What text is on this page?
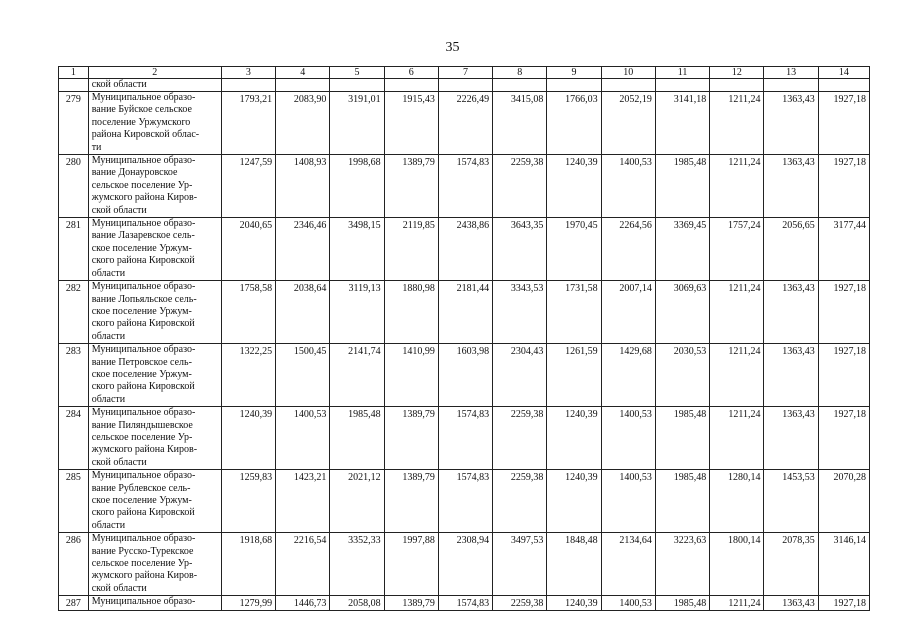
35
1	2	3	4	5	6	7	8	9	10	11	12	13	14
	ской области												
279	Муниципальное образо-
вание Буйское сельское
поселение Уржумского
района Кировской облас-
ти	1793,21	2083,90	3191,01	1915,43	2226,49	3415,08	1766,03	2052,19	3141,18	1211,24	1363,43	1927,18
280	Муниципальное образо-
вание Донауровское
сельское поселение Ур-
жумского района Киров-
ской области	1247,59	1408,93	1998,68	1389,79	1574,83	2259,38	1240,39	1400,53	1985,48	1211,24	1363,43	1927,18
281	Муниципальное образо-
вание Лазаревское сель-
ское поселение Уржум-
ского района Кировской
области	2040,65	2346,46	3498,15	2119,85	2438,86	3643,35	1970,45	2264,56	3369,45	1757,24	2056,65	3177,44
282	Муниципальное образо-
вание Лопьяльское сель-
ское поселение Уржум-
ского района Кировской
области	1758,58	2038,64	3119,13	1880,98	2181,44	3343,53	1731,58	2007,14	3069,63	1211,24	1363,43	1927,18
283	Муниципальное образо-
вание Петровское сель-
ское поселение Уржум-
ского района Кировской
области	1322,25	1500,45	2141,74	1410,99	1603,98	2304,43	1261,59	1429,68	2030,53	1211,24	1363,43	1927,18
284	Муниципальное образо-
вание Пиляндышевское
сельское поселение Ур-
жумского района Киров-
ской области	1240,39	1400,53	1985,48	1389,79	1574,83	2259,38	1240,39	1400,53	1985,48	1211,24	1363,43	1927,18
285	Муниципальное образо-
вание Рублевское сель-
ское поселение Уржум-
ского района Кировской
области	1259,83	1423,21	2021,12	1389,79	1574,83	2259,38	1240,39	1400,53	1985,48	1280,14	1453,53	2070,28
286	Муниципальное образо-
вание Русско-Турекское
сельское поселение Ур-
жумского района Киров-
ской области	1918,68	2216,54	3352,33	1997,88	2308,94	3497,53	1848,48	2134,64	3223,63	1800,14	2078,35	3146,14
287	Муниципальное образо-	1279,99	1446,73	2058,08	1389,79	1574,83	2259,38	1240,39	1400,53	1985,48	1211,24	1363,43	1927,18
